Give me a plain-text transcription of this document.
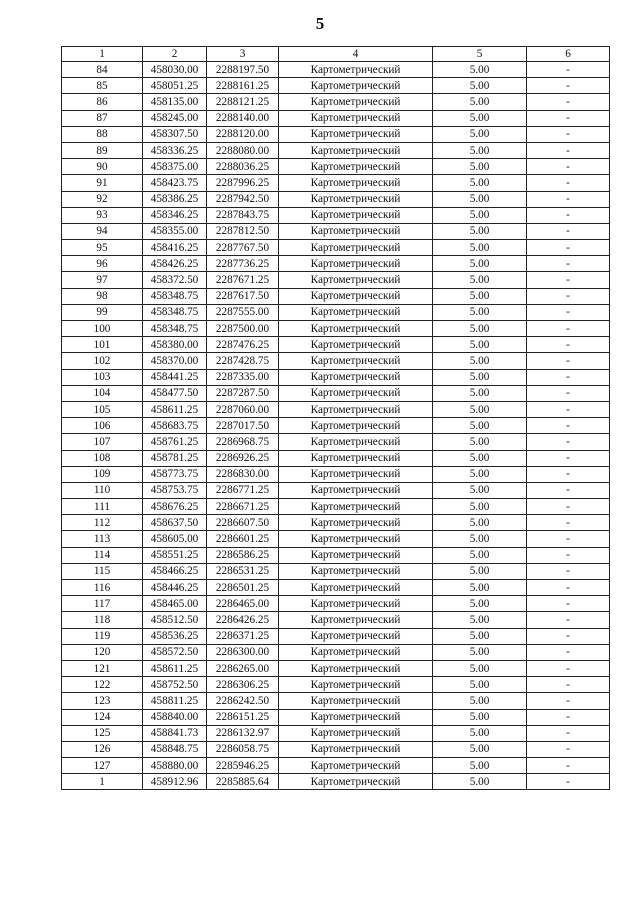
5
1	2	3	4	5	6
84	458030.00	2288197.50	Картометрический	5.00	-
85	458051.25	2288161.25	Картометрический	5.00	-
86	458135.00	2288121.25	Картометрический	5.00	-
87	458245.00	2288140.00	Картометрический	5.00	-
88	458307.50	2288120.00	Картометрический	5.00	-
89	458336.25	2288080.00	Картометрический	5.00	-
90	458375.00	2288036.25	Картометрический	5.00	-
91	458423.75	2287996.25	Картометрический	5.00	-
92	458386.25	2287942.50	Картометрический	5.00	-
93	458346.25	2287843.75	Картометрический	5.00	-
94	458355.00	2287812.50	Картометрический	5.00	-
95	458416.25	2287767.50	Картометрический	5.00	-
96	458426.25	2287736.25	Картометрический	5.00	-
97	458372.50	2287671.25	Картометрический	5.00	-
98	458348.75	2287617.50	Картометрический	5.00	-
99	458348.75	2287555.00	Картометрический	5.00	-
100	458348.75	2287500.00	Картометрический	5.00	-
101	458380.00	2287476.25	Картометрический	5.00	-
102	458370.00	2287428.75	Картометрический	5.00	-
103	458441.25	2287335.00	Картометрический	5.00	-
104	458477.50	2287287.50	Картометрический	5.00	-
105	458611.25	2287060.00	Картометрический	5.00	-
106	458683.75	2287017.50	Картометрический	5.00	-
107	458761.25	2286968.75	Картометрический	5.00	-
108	458781.25	2286926.25	Картометрический	5.00	-
109	458773.75	2286830.00	Картометрический	5.00	-
110	458753.75	2286771.25	Картометрический	5.00	-
111	458676.25	2286671.25	Картометрический	5.00	-
112	458637.50	2286607.50	Картометрический	5.00	-
113	458605.00	2286601.25	Картометрический	5.00	-
114	458551.25	2286586.25	Картометрический	5.00	-
115	458466.25	2286531.25	Картометрический	5.00	-
116	458446.25	2286501.25	Картометрический	5.00	-
117	458465.00	2286465.00	Картометрический	5.00	-
118	458512.50	2286426.25	Картометрический	5.00	-
119	458536.25	2286371.25	Картометрический	5.00	-
120	458572.50	2286300.00	Картометрический	5.00	-
121	458611.25	2286265.00	Картометрический	5.00	-
122	458752.50	2286306.25	Картометрический	5.00	-
123	458811.25	2286242.50	Картометрический	5.00	-
124	458840.00	2286151.25	Картометрический	5.00	-
125	458841.73	2286132.97	Картометрический	5.00	-
126	458848.75	2286058.75	Картометрический	5.00	-
127	458880.00	2285946.25	Картометрический	5.00	-
1	458912.96	2285885.64	Картометрический	5.00	-
